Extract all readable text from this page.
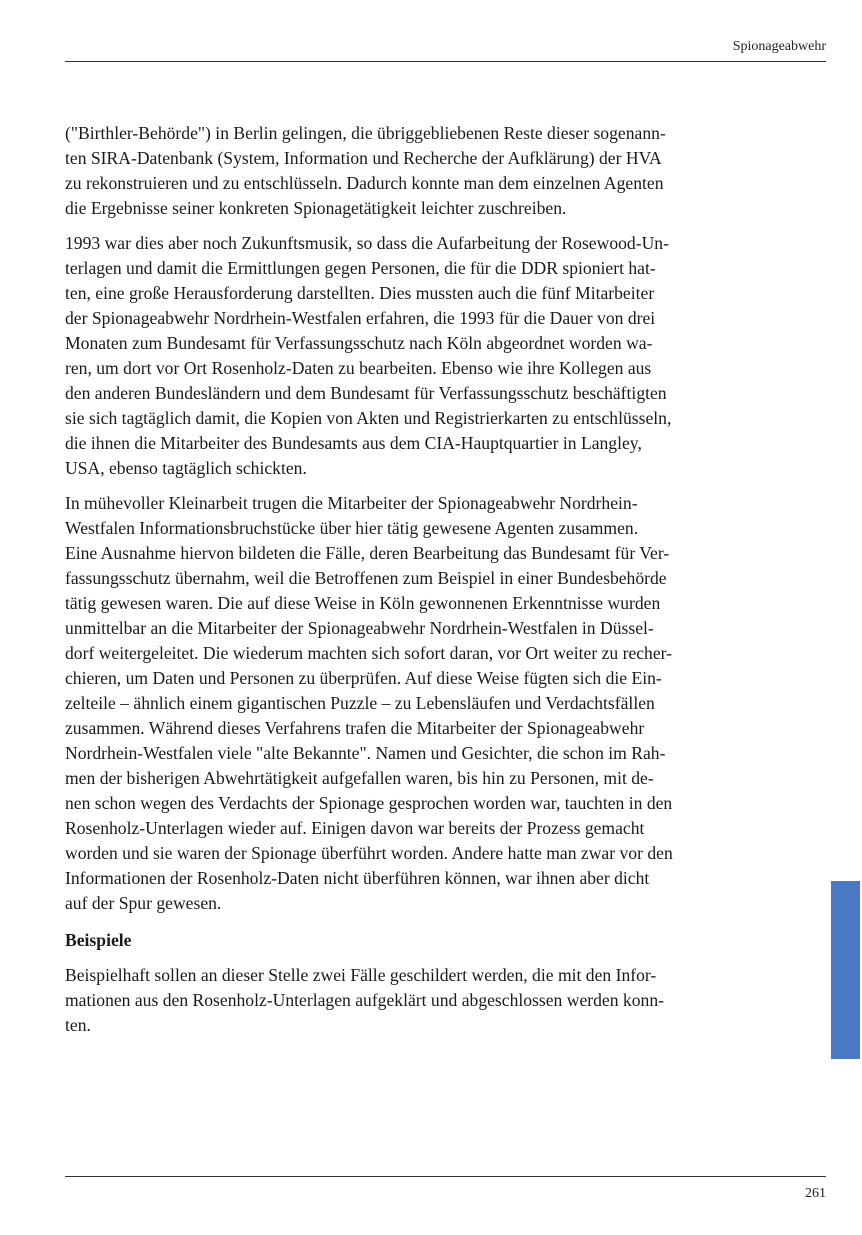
Spionageabwehr

("Birthler-Behörde") in Berlin gelingen, die übriggebliebenen Reste dieser sogenann-
ten SIRA-Datenbank (System, Information und Recherche der Aufklärung) der HVA
zu rekonstruieren und zu entschlüsseln. Dadurch konnte man dem einzelnen Agenten
die Ergebnisse seiner konkreten Spionagetätigkeit leichter zuschreiben.

1993 war dies aber noch Zukunftsmusik, so dass die Aufarbeitung der Rosewood-Un-
terlagen und damit die Ermittlungen gegen Personen, die für die DDR spioniert hat-
ten, eine große Herausforderung darstellten. Dies mussten auch die fünf Mitarbeiter
der Spionageabwehr Nordrhein-Westfalen erfahren, die 1993 für die Dauer von drei
Monaten zum Bundesamt für Verfassungsschutz nach Köln abgeordnet worden wa-
ren, um dort vor Ort Rosenholz-Daten zu bearbeiten. Ebenso wie ihre Kollegen aus
den anderen Bundesländern und dem Bundesamt für Verfassungsschutz beschäftigten
sie sich tagtäglich damit, die Kopien von Akten und Registrierkarten zu entschlüsseln,
die ihnen die Mitarbeiter des Bundesamts aus dem CIA-Hauptquartier in Langley,
USA, ebenso tagtäglich schickten.

In mühevoller Kleinarbeit trugen die Mitarbeiter der Spionageabwehr Nordrhein-
Westfalen Informationsbruchstücke über hier tätig gewesene Agenten zusammen.
Eine Ausnahme hiervon bildeten die Fälle, deren Bearbeitung das Bundesamt für Ver-
fassungsschutz übernahm, weil die Betroffenen zum Beispiel in einer Bundesbehörde
tätig gewesen waren. Die auf diese Weise in Köln gewonnenen Erkenntnisse wurden
unmittelbar an die Mitarbeiter der Spionageabwehr Nordrhein-Westfalen in Düssel-
dorf weitergeleitet. Die wiederum machten sich sofort daran, vor Ort weiter zu recher-
chieren, um Daten und Personen zu überprüfen. Auf diese Weise fügten sich die Ein-
zelteile – ähnlich einem gigantischen Puzzle – zu Lebensläufen und Verdachtsfällen
zusammen. Während dieses Verfahrens trafen die Mitarbeiter der Spionageabwehr
Nordrhein-Westfalen viele "alte Bekannte". Namen und Gesichter, die schon im Rah-
men der bisherigen Abwehrtätigkeit aufgefallen waren, bis hin zu Personen, mit de-
nen schon wegen des Verdachts der Spionage gesprochen worden war, tauchten in den
Rosenholz-Unterlagen wieder auf. Einigen davon war bereits der Prozess gemacht
worden und sie waren der Spionage überführt worden. Andere hatte man zwar vor den
Informationen der Rosenholz-Daten nicht überführen können, war ihnen aber dicht
auf der Spur gewesen.

Beispiele

Beispielhaft sollen an dieser Stelle zwei Fälle geschildert werden, die mit den Infor-
mationen aus den Rosenholz-Unterlagen aufgeklärt und abgeschlossen werden konn-
ten.

261
